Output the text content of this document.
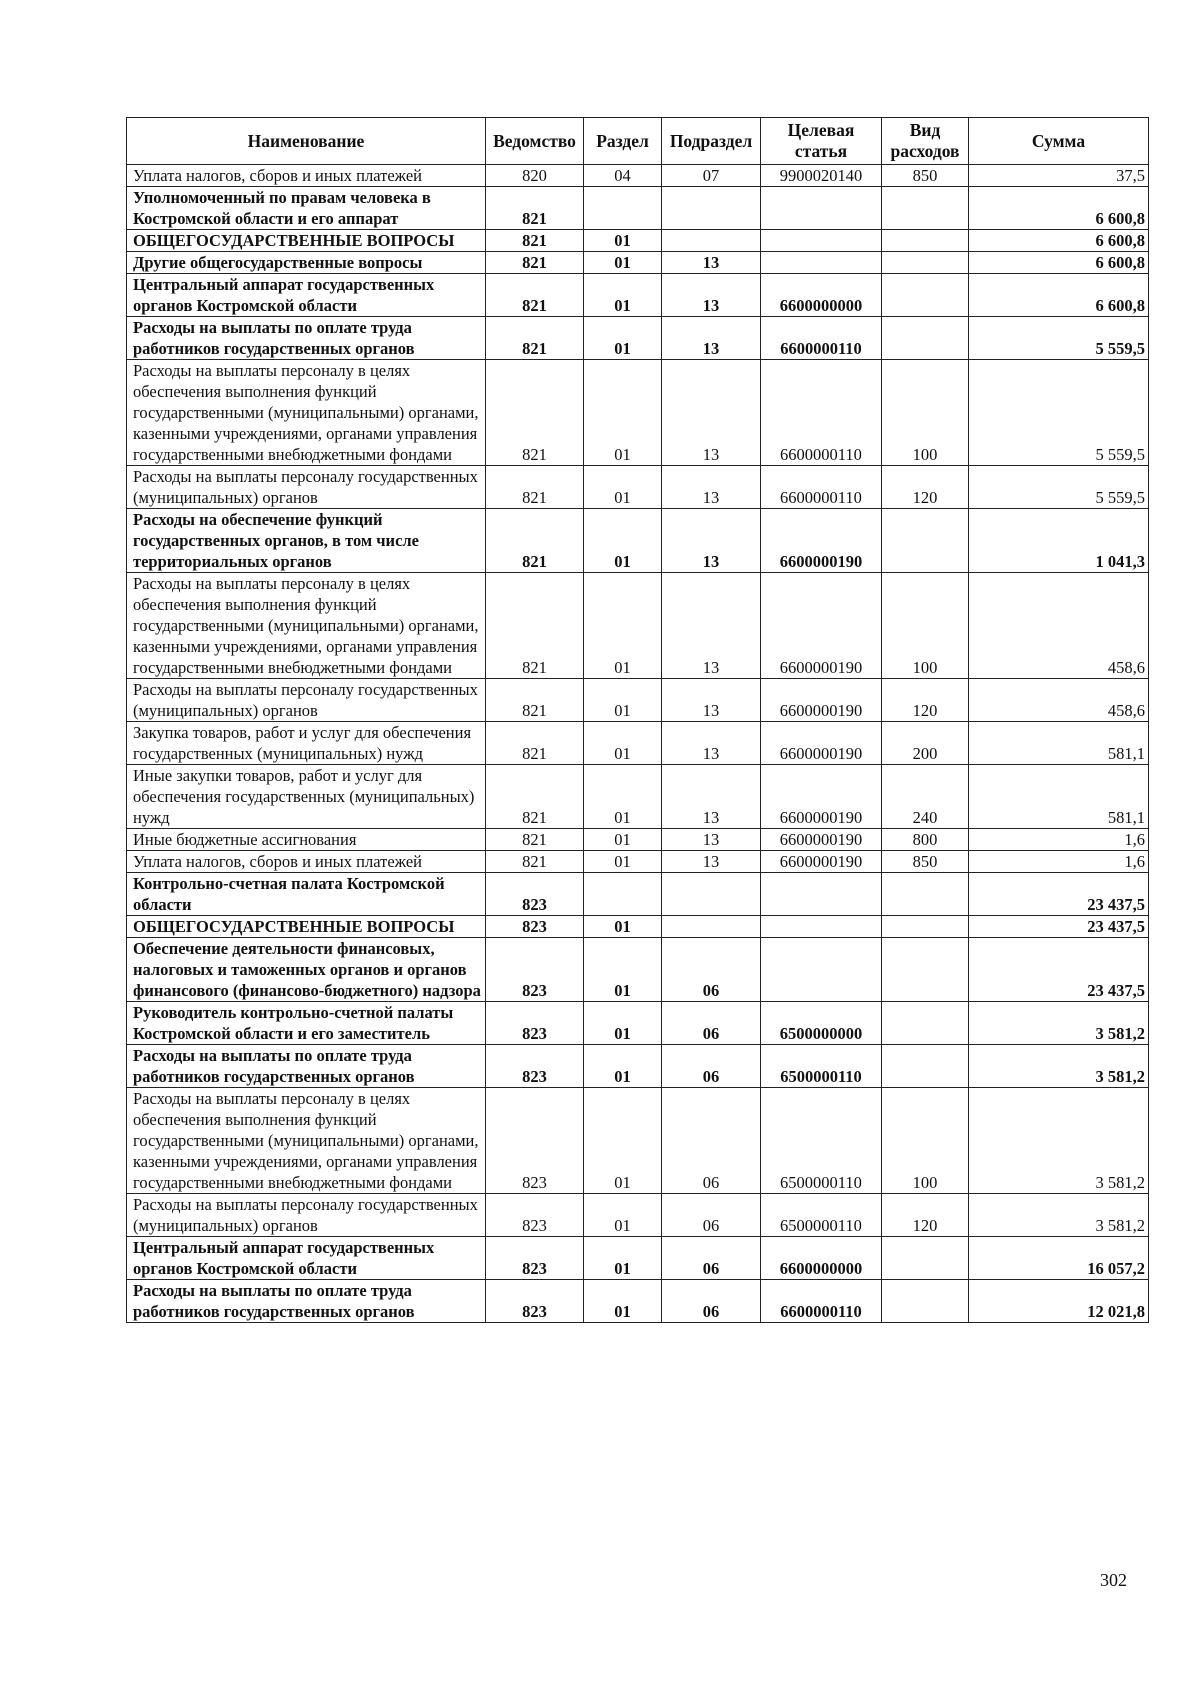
Наименование	Ведомство	Раздел	Подраздел	Целевая статья	Вид расходов	Сумма
Уплата налогов, сборов и иных платежей	820	04	07	9900020140	850	37,5
Уполномоченный по правам человека в Костромской области и его аппарат	821					6 600,8
ОБЩЕГОСУДАРСТВЕННЫЕ ВОПРОСЫ	821	01				6 600,8
Другие общегосударственные вопросы	821	01	13			6 600,8
Центральный аппарат государственных органов Костромской области	821	01	13	6600000000		6 600,8
Расходы на выплаты по оплате труда работников государственных органов	821	01	13	6600000110		5 559,5
Расходы на выплаты персоналу в целях обеспечения выполнения функций государственными (муниципальными) органами, казенными учреждениями, органами управления государственными внебюджетными фондами	821	01	13	6600000110	100	5 559,5
Расходы на выплаты персоналу государственных (муниципальных) органов	821	01	13	6600000110	120	5 559,5
Расходы на обеспечение функций государственных органов, в том числе территориальных органов	821	01	13	6600000190		1 041,3
Расходы на выплаты персоналу в целях обеспечения выполнения функций государственными (муниципальными) органами, казенными учреждениями, органами управления государственными внебюджетными фондами	821	01	13	6600000190	100	458,6
Расходы на выплаты персоналу государственных (муниципальных) органов	821	01	13	6600000190	120	458,6
Закупка товаров, работ и услуг для обеспечения государственных (муниципальных) нужд	821	01	13	6600000190	200	581,1
Иные закупки товаров, работ и услуг для обеспечения государственных (муниципальных) нужд	821	01	13	6600000190	240	581,1
Иные бюджетные ассигнования	821	01	13	6600000190	800	1,6
Уплата налогов, сборов и иных платежей	821	01	13	6600000190	850	1,6
Контрольно-счетная палата Костромской области	823					23 437,5
ОБЩЕГОСУДАРСТВЕННЫЕ ВОПРОСЫ	823	01				23 437,5
Обеспечение деятельности финансовых, налоговых и таможенных органов и органов финансового (финансово-бюджетного) надзора	823	01	06			23 437,5
Руководитель контрольно-счетной палаты Костромской области и его заместитель	823	01	06	6500000000		3 581,2
Расходы на выплаты по оплате труда работников государственных органов	823	01	06	6500000110		3 581,2
Расходы на выплаты персоналу в целях обеспечения выполнения функций государственными (муниципальными) органами, казенными учреждениями, органами управления государственными внебюджетными фондами	823	01	06	6500000110	100	3 581,2
Расходы на выплаты персоналу государственных (муниципальных) органов	823	01	06	6500000110	120	3 581,2
Центральный аппарат государственных органов Костромской области	823	01	06	6600000000		16 057,2
Расходы на выплаты по оплате труда работников государственных органов	823	01	06	6600000110		12 021,8
302
